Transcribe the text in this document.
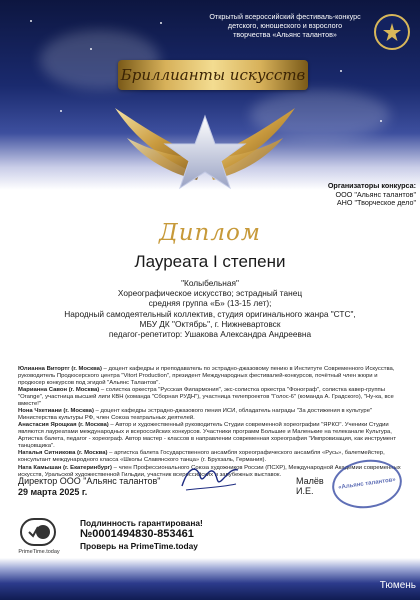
Открытый всероссийский фестиваль-конкурс
детского, юношеского и взрослого
творчества «Альянс талантов»
Бриллианты искусств
Организаторы конкурса:
ООО "Альянс талантов"
АНО "Творческое дело"
Диплом
Лауреата I степени
"Колыбельная"
Хореографическое искусство; эстрадный танец
средняя группа «Б» (13-15 лет);
Народный самодеятельный коллектив, студия оригинального жанра "СТС",
МБУ ДК "Октябрь", г. Нижневартовск
педагог-репетитор: Ушакова Александра Андреевна

Юлианна Витортг (г. Москва) – доцент кафедры и преподаватель по эстрадно-джазовому пению в Институте Современного Искусства, руководитель Продюсерского центра "Vitort Production", президент Международных фестивалей-конкурсов, почётный член жюри и продюсер конкурсов под эгидой "Альянс Талантов".

Марианна Савон (г. Москва) – солистка оркестра "Русская Филармония", экс-солистка оркестра "Фонограф", солистка кавер-группы "Orange", участница высшей лиги КВН (команда "Сборная РУДН"), участница телепроектов "Голос-6" (команда А. Градского), "Ну-ка, все вместе!"

Нона Чхетиани (г. Москва) – доцент кафедры эстрадно-джазового пения ИСИ, обладатель награды "За достижения в культуре" Министерства культуры РФ, член Союза театральных деятелей.

Анастасия Ярощкая (г. Москва) – Автор и художественный руководитель Студии современной хореографии "ЯРКО". Ученики Студии являются лауреатами международных и всероссийских конкурсов. Участники программ Большие и Маленькие на телеканале Культура, Артистка балета, педагог - хореограф. Автор мастер - классов в направлении современная хореография "Импровизация, как инструмент танцовщика".

Наталья Ситникова (г. Москва) – артистка балета Государственного ансамбля хореографического ансамбля «Русь», балетмейстер, консультант международного класса «Школы Славянского танца» (г. Брухзаль, Германия).

Ната Камышан (г. Екатеринбург) – член Профессионального Союза художников России (ПСХР), Международной Академии современных искусств, Уральской художественной Гильдии, участник всероссийских и зарубежных выставок.

Директор ООО "Альянс талантов"
29 марта 2025 г.
Малёв И.Е.	«Альянс талантов»
PrimeTime.today
Подлинность гарантирована!
№0001494830-853461
Проверь на PrimeTime.today
Тюмень
